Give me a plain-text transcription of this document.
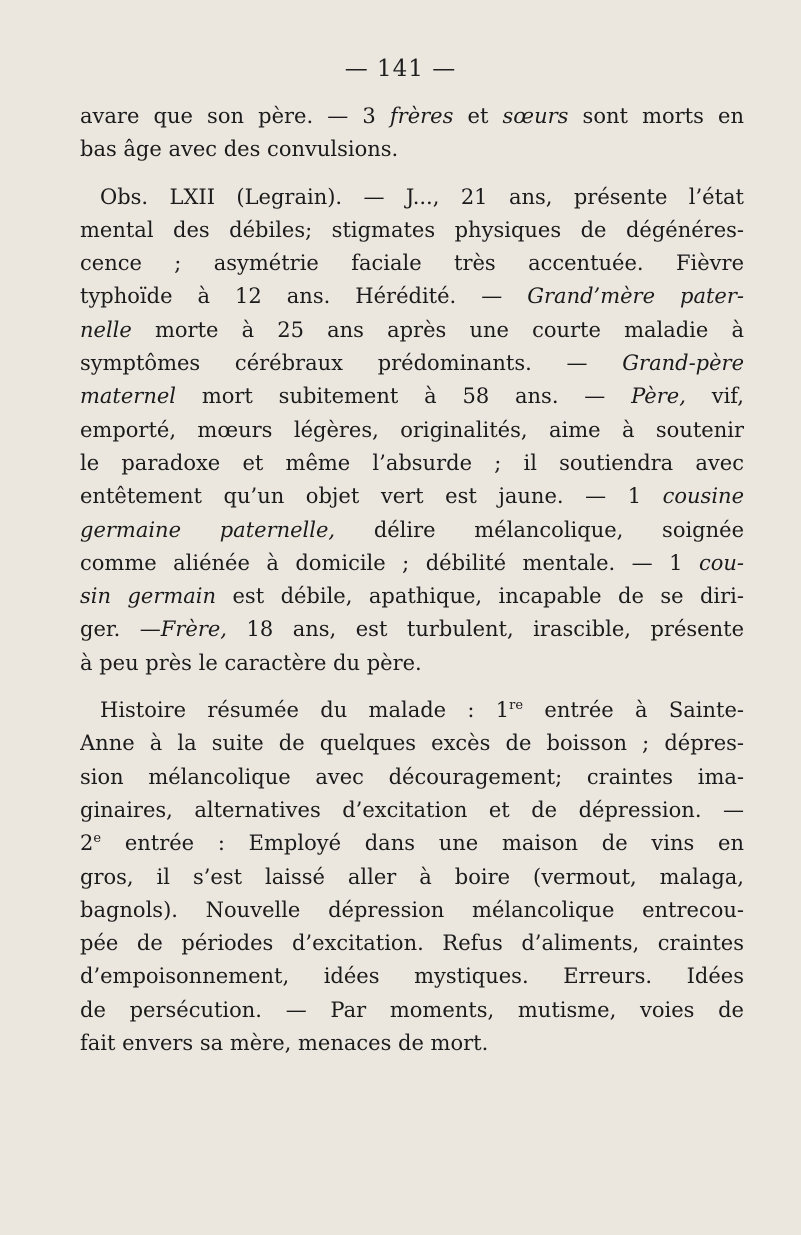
— 141 —
avare que son père. — 3 frères et sœurs sont morts en
bas âge avec des convulsions.
Obs. LXII (Legrain). — J..., 21 ans, présente l’état
mental des débiles; stigmates physiques de dégénéres-
cence ; asymétrie faciale très accentuée. Fièvre
typhoïde à 12 ans. Hérédité. — Grand’mère pater-
nelle morte à 25 ans après une courte maladie à
symptômes cérébraux prédominants. — Grand-père
maternel mort subitement à 58 ans. — Père, vif,
emporté, mœurs légères, originalités, aime à soutenir
le paradoxe et même l’absurde ; il soutiendra avec
entêtement qu’un objet vert est jaune. — 1 cousine
germaine paternelle, délire mélancolique, soignée
comme aliénée à domicile ; débilité mentale. — 1 cou-
sin germain est débile, apathique, incapable de se diri-
ger. —Frère, 18 ans, est turbulent, irascible, présente
à peu près le caractère du père.
Histoire résumée du malade : 1re entrée à Sainte-
Anne à la suite de quelques excès de boisson ; dépres-
sion mélancolique avec découragement; craintes ima-
ginaires, alternatives d’excitation et de dépression. —
2e entrée : Employé dans une maison de vins en
gros, il s’est laissé aller à boire (vermout, malaga,
bagnols). Nouvelle dépression mélancolique entrecou-
pée de périodes d’excitation. Refus d’aliments, craintes
d’empoisonnement, idées mystiques. Erreurs. Idées
de persécution. — Par moments, mutisme, voies de
fait envers sa mère, menaces de mort.
